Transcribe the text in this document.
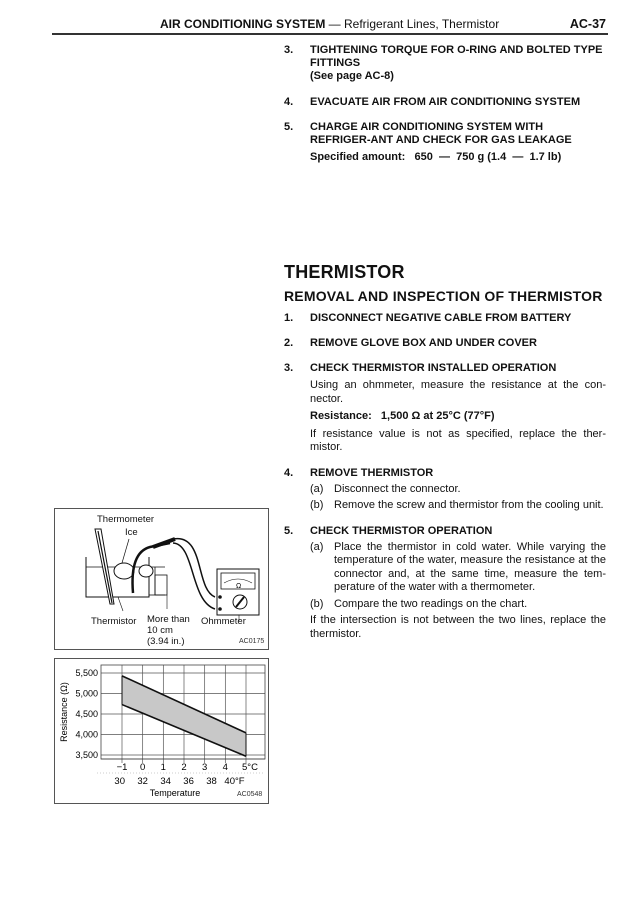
AIR CONDITIONING SYSTEM — Refrigerant Lines, Thermistor	AC-37
3. TIGHTENING TORQUE FOR O-RING AND BOLTED TYPE FITTINGS
(See page AC-8)
4. EVACUATE AIR FROM AIR CONDITIONING SYSTEM
5. CHARGE AIR CONDITIONING SYSTEM WITH REFRIGER-ANT AND CHECK FOR GAS LEAKAGE
Specified amount:   650  —  750 g (1.4  —  1.7 lb)
THERMISTOR
REMOVAL AND INSPECTION OF THERMISTOR
1. DISCONNECT NEGATIVE CABLE FROM BATTERY
2. REMOVE GLOVE BOX AND UNDER COVER
3. CHECK THERMISTOR INSTALLED OPERATION
Using an ohmmeter, measure the resistance at the con-nector.
Resistance:   1,500 Ω at 25°C (77°F)
If resistance value is not as specified, replace the ther-mistor.
4. REMOVE THERMISTOR
(a) Disconnect the connector.
(b) Remove the screw and thermistor from the cooling unit.
5. CHECK THERMISTOR OPERATION
(a) Place the thermistor in cold water. While varying the temperature of the water, measure the resistance at the connector and, at the same time, measure the tem-perature of the water with a thermometer.
(b) Compare the two readings on the chart.
If the intersection is not between the two lines, replace the thermistor.
Ω
Thermometer
Ice
Thermistor More than
10 cm
(3.94 in.)
Ohmmeter
AC0175
5,500
5,000
4,500
4,000
3,500
−1 0 1 2 3 4 5°C
30 32 34 36 38 40°F
Resistance (Ω)
Temperature	AC0548
